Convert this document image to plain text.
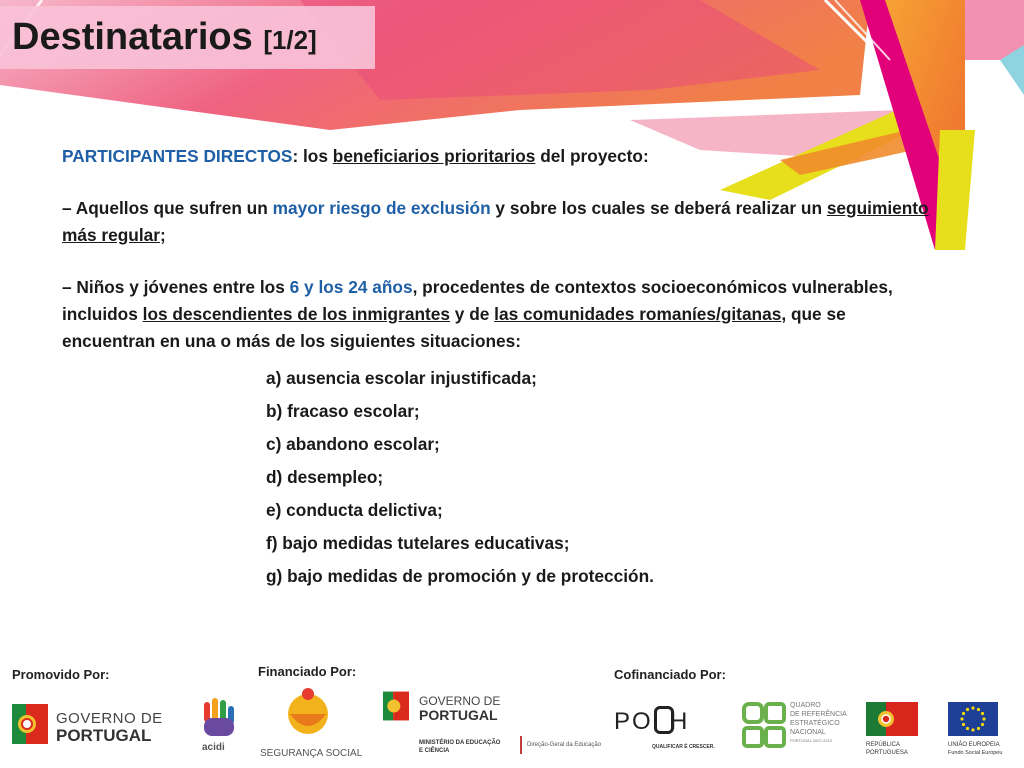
Destinatarios [1/2]

PARTICIPANTES DIRECTOS: los beneficiarios prioritarios del proyecto:

– Aquellos que sufren un mayor riesgo de exclusión y sobre los cuales se deberá realizar un seguimiento más regular;

– Niños y jóvenes entre los 6 y los 24 años, procedentes de contextos socioeconómicos vulnerables, incluidos los descendientes de los inmigrantes y de las comunidades romaníes/gitanas, que se encuentran en una o más de los siguientes situaciones:

a) ausencia escolar injustificada;
b) fracaso escolar;
c) abandono escolar;
d) desempleo;
e) conducta delictiva;
f) bajo medidas tutelares educativas;
g) bajo medidas de promoción y de protección.
Promovido Por:	Financiado Por:	Cofinanciado Por:
GOVERNO DE
PORTUGAL
acidi
SEGURANÇA SOCIAL
GOVERNO DE
PORTUGAL
MINISTÉRIO DA EDUCAÇÃO
E CIÊNCIA
Direção-Geral da Educação
PO  H
QUALIFICAR É CRESCER.
QUADRO
DE REFERÊNCIA
ESTRATÉGICO
NACIONAL
PORTUGAL 2007-2013
REPÚBLICA
PORTUGUESA
UNIÃO EUROPEIA
Fundo Social Europeu
